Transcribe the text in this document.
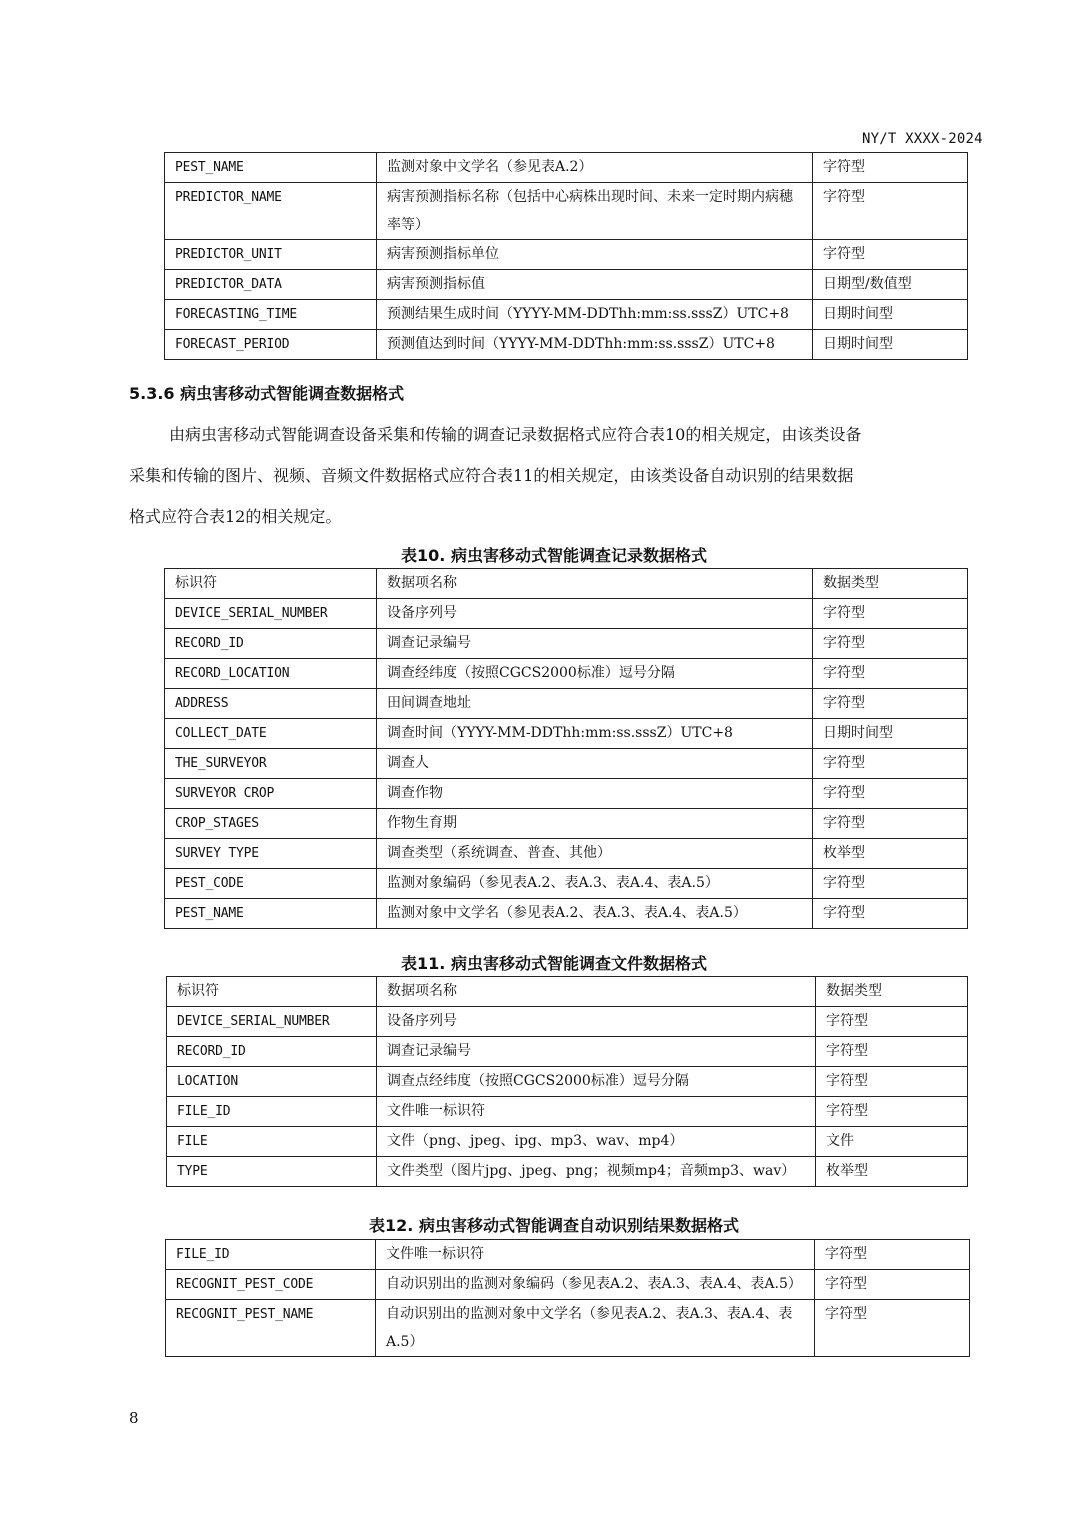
NY/T XXXX-2024
PEST_NAME	监测对象中文学名（参见表A.2）	字符型
PREDICTOR_NAME	病害预测指标名称（包括中心病株出现时间、未来一定时期内病穗率等）	字符型
PREDICTOR_UNIT	病害预测指标单位	字符型
PREDICTOR_DATA	病害预测指标值	日期型/数值型
FORECASTING_TIME	预测结果生成时间（YYYY-MM-DDThh:mm:ss.sssZ）UTC+8	日期时间型
FORECAST_PERIOD	预测值达到时间（YYYY-MM-DDThh:mm:ss.sssZ）UTC+8	日期时间型
5.3.6 病虫害移动式智能调查数据格式
由病虫害移动式智能调查设备采集和传输的调查记录数据格式应符合表10的相关规定，由该类设备
采集和传输的图片、视频、音频文件数据格式应符合表11的相关规定，由该类设备自动识别的结果数据
格式应符合表12的相关规定。
表10. 病虫害移动式智能调查记录数据格式
标识符	数据项名称	数据类型
DEVICE_SERIAL_NUMBER	设备序列号	字符型
RECORD_ID	调查记录编号	字符型
RECORD_LOCATION	调查经纬度（按照CGCS2000标准）逗号分隔	字符型
ADDRESS	田间调查地址	字符型
COLLECT_DATE	调查时间（YYYY-MM-DDThh:mm:ss.sssZ）UTC+8	日期时间型
THE_SURVEYOR	调查人	字符型
SURVEYOR CROP	调查作物	字符型
CROP_STAGES	作物生育期	字符型
SURVEY TYPE	调查类型（系统调查、普查、其他）	枚举型
PEST_CODE	监测对象编码（参见表A.2、表A.3、表A.4、表A.5）	字符型
PEST_NAME	监测对象中文学名（参见表A.2、表A.3、表A.4、表A.5）	字符型
表11. 病虫害移动式智能调查文件数据格式
标识符	数据项名称	数据类型
DEVICE_SERIAL_NUMBER	设备序列号	字符型
RECORD_ID	调查记录编号	字符型
LOCATION	调查点经纬度（按照CGCS2000标准）逗号分隔	字符型
FILE_ID	文件唯一标识符	字符型
FILE	文件（png、jpeg、ipg、mp3、wav、mp4）	文件
TYPE	文件类型（图片jpg、jpeg、png；视频mp4；音频mp3、wav）	枚举型
表12. 病虫害移动式智能调查自动识别结果数据格式
FILE_ID	文件唯一标识符	字符型
RECOGNIT_PEST_CODE	自动识别出的监测对象编码（参见表A.2、表A.3、表A.4、表A.5）	字符型
RECOGNIT_PEST_NAME	自动识别出的监测对象中文学名（参见表A.2、表A.3、表A.4、表A.5）	字符型
8
